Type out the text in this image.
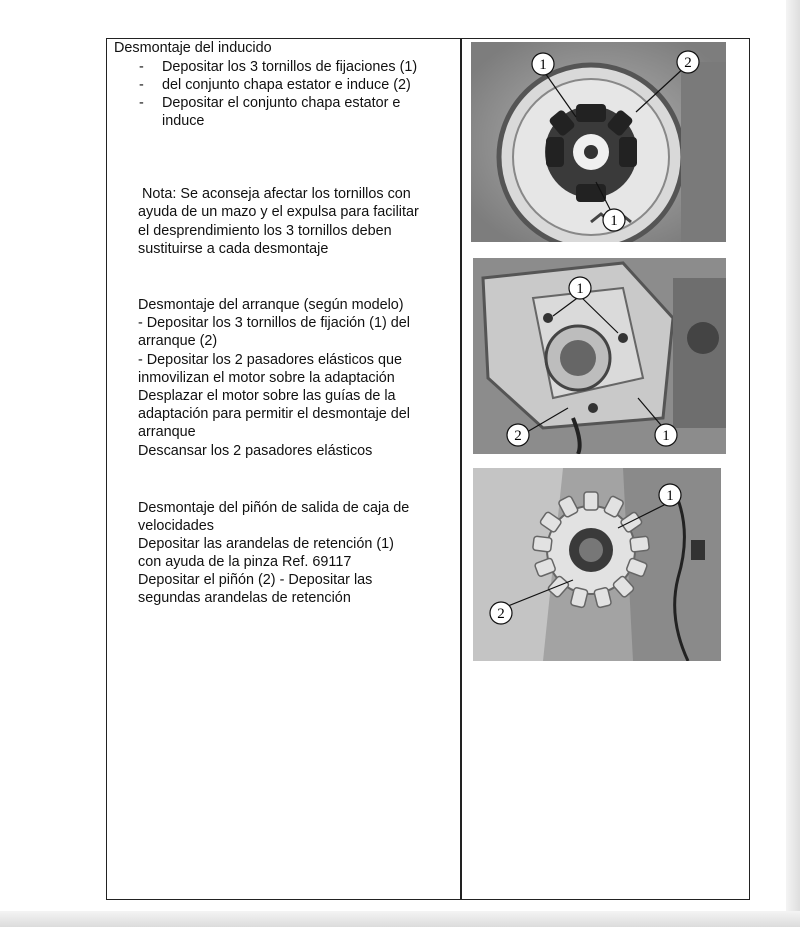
Desmontaje del inducido
- Depositar los 3 tornillos de fijaciones (1)
- del conjunto chapa estator e induce (2)
- Depositar el conjunto chapa estator e
induce
Nota: Se aconseja afectar los tornillos con
ayuda de un mazo y el expulsa para facilitar
el desprendimiento los 3 tornillos deben
sustituirse a cada desmontaje
Desmontaje del arranque (según modelo)
- Depositar los 3 tornillos de fijación (1) del
arranque (2)
- Depositar los 2 pasadores elásticos que
inmovilizan el motor sobre la adaptación
Desplazar el motor sobre las guías de la
adaptación para permitir el desmontaje del
arranque
Descansar los 2 pasadores elásticos
Desmontaje del piñón de salida de caja de
velocidades
Depositar las arandelas de retención (1)
con ayuda de la pinza Ref. 69117
Depositar el piñón (2) - Depositar las
segundas arandelas de retención
1	2
1
1
2	1
1
2
